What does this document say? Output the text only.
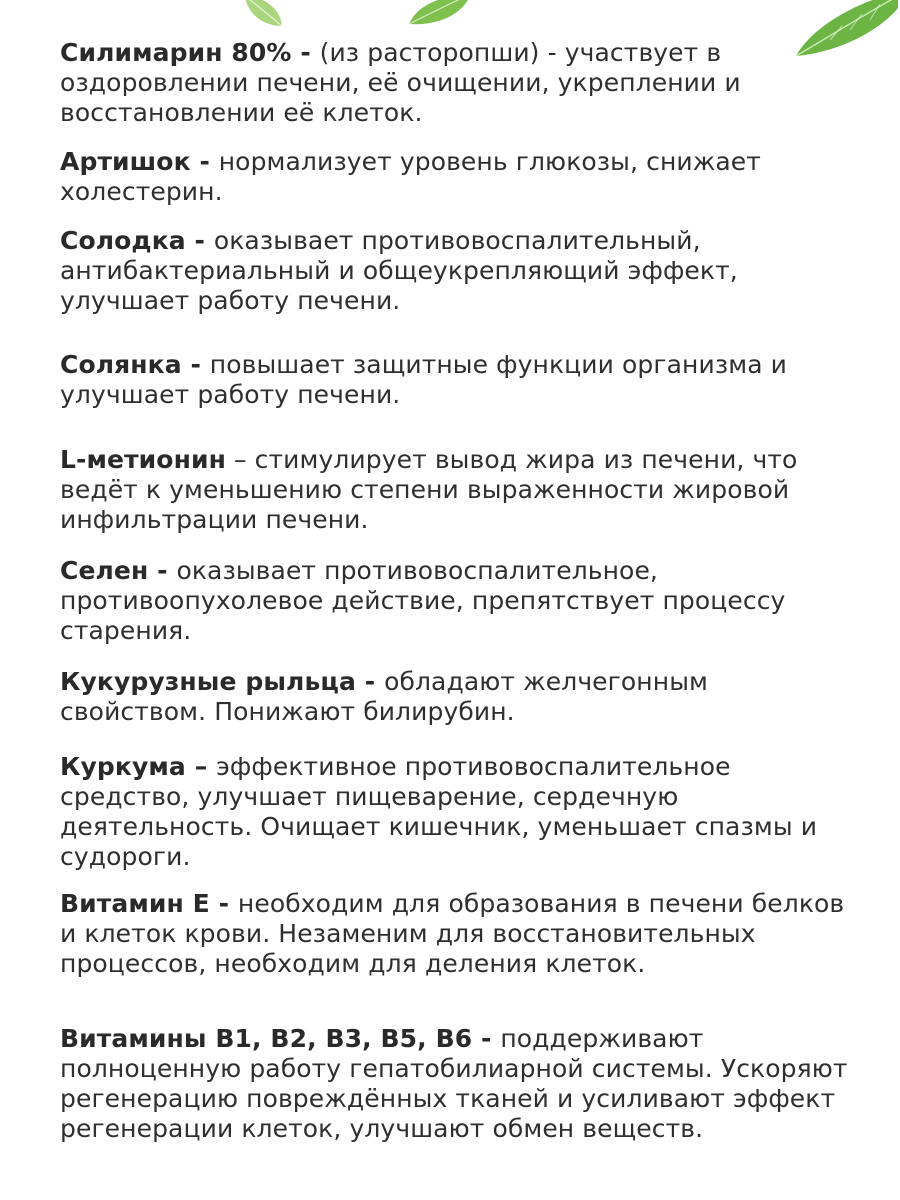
Силимарин 80% - (из расторопши) - участвует в оздоровлении печени, её очищении, укреплении и восстановлении её клеток.

Артишок - нормализует уровень глюкозы, снижает холестерин.

Солодка - оказывает противовоспалительный, антибактериальный и общеукрепляющий эффект, улучшает работу печени.

Солянка - повышает защитные функции организма и улучшает работу печени.

L-метионин – стимулирует вывод жира из печени, что ведёт к уменьшению степени выраженности жировой инфильтрации печени.

Селен - оказывает противовоспалительное, противоопухолевое действие, препятствует процессу старения.

Кукурузные рыльца - обладают желчегонным свойством. Понижают билирубин.

Куркума – эффективное противовоспалительное средство, улучшает пищеварение, сердечную деятельность. Очищает кишечник, уменьшает спазмы и судороги.

Витамин Е - необходим для образования в печени белков и клеток крови. Незаменим для восстановительных процессов, необходим для деления клеток.

Витамины В1, В2, В3, В5, В6 - поддерживают полноценную работу гепатобилиарной системы. Ускоряют регенерацию повреждённых тканей и усиливают эффект регенерации клеток, улучшают обмен веществ.
